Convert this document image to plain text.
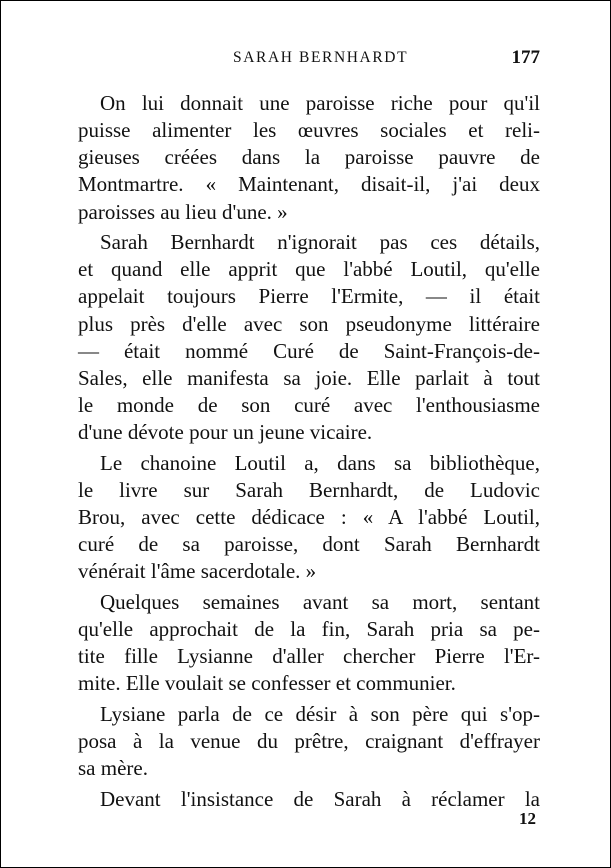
SARAH BERNHARDT	177
On lui donnait une paroisse riche pour qu'il
puisse alimenter les œuvres sociales et reli-
gieuses créées dans la paroisse pauvre de
Montmartre. « Maintenant, disait-il, j'ai deux
paroisses au lieu d'une. »
Sarah Bernhardt n'ignorait pas ces détails,
et quand elle apprit que l'abbé Loutil, qu'elle
appelait toujours Pierre l'Ermite, — il était
plus près d'elle avec son pseudonyme littéraire
— était nommé Curé de Saint-François-de-
Sales, elle manifesta sa joie. Elle parlait à tout
le monde de son curé avec l'enthousiasme
d'une dévote pour un jeune vicaire.
Le chanoine Loutil a, dans sa bibliothèque,
le livre sur Sarah Bernhardt, de Ludovic
Brou, avec cette dédicace : « A l'abbé Loutil,
curé de sa paroisse, dont Sarah Bernhardt
vénérait l'âme sacerdotale. »
Quelques semaines avant sa mort, sentant
qu'elle approchait de la fin, Sarah pria sa pe-
tite fille Lysianne d'aller chercher Pierre l'Er-
mite. Elle voulait se confesser et communier.
Lysiane parla de ce désir à son père qui s'op-
posa à la venue du prêtre, craignant d'effrayer
sa mère.
Devant l'insistance de Sarah à réclamer la
12
